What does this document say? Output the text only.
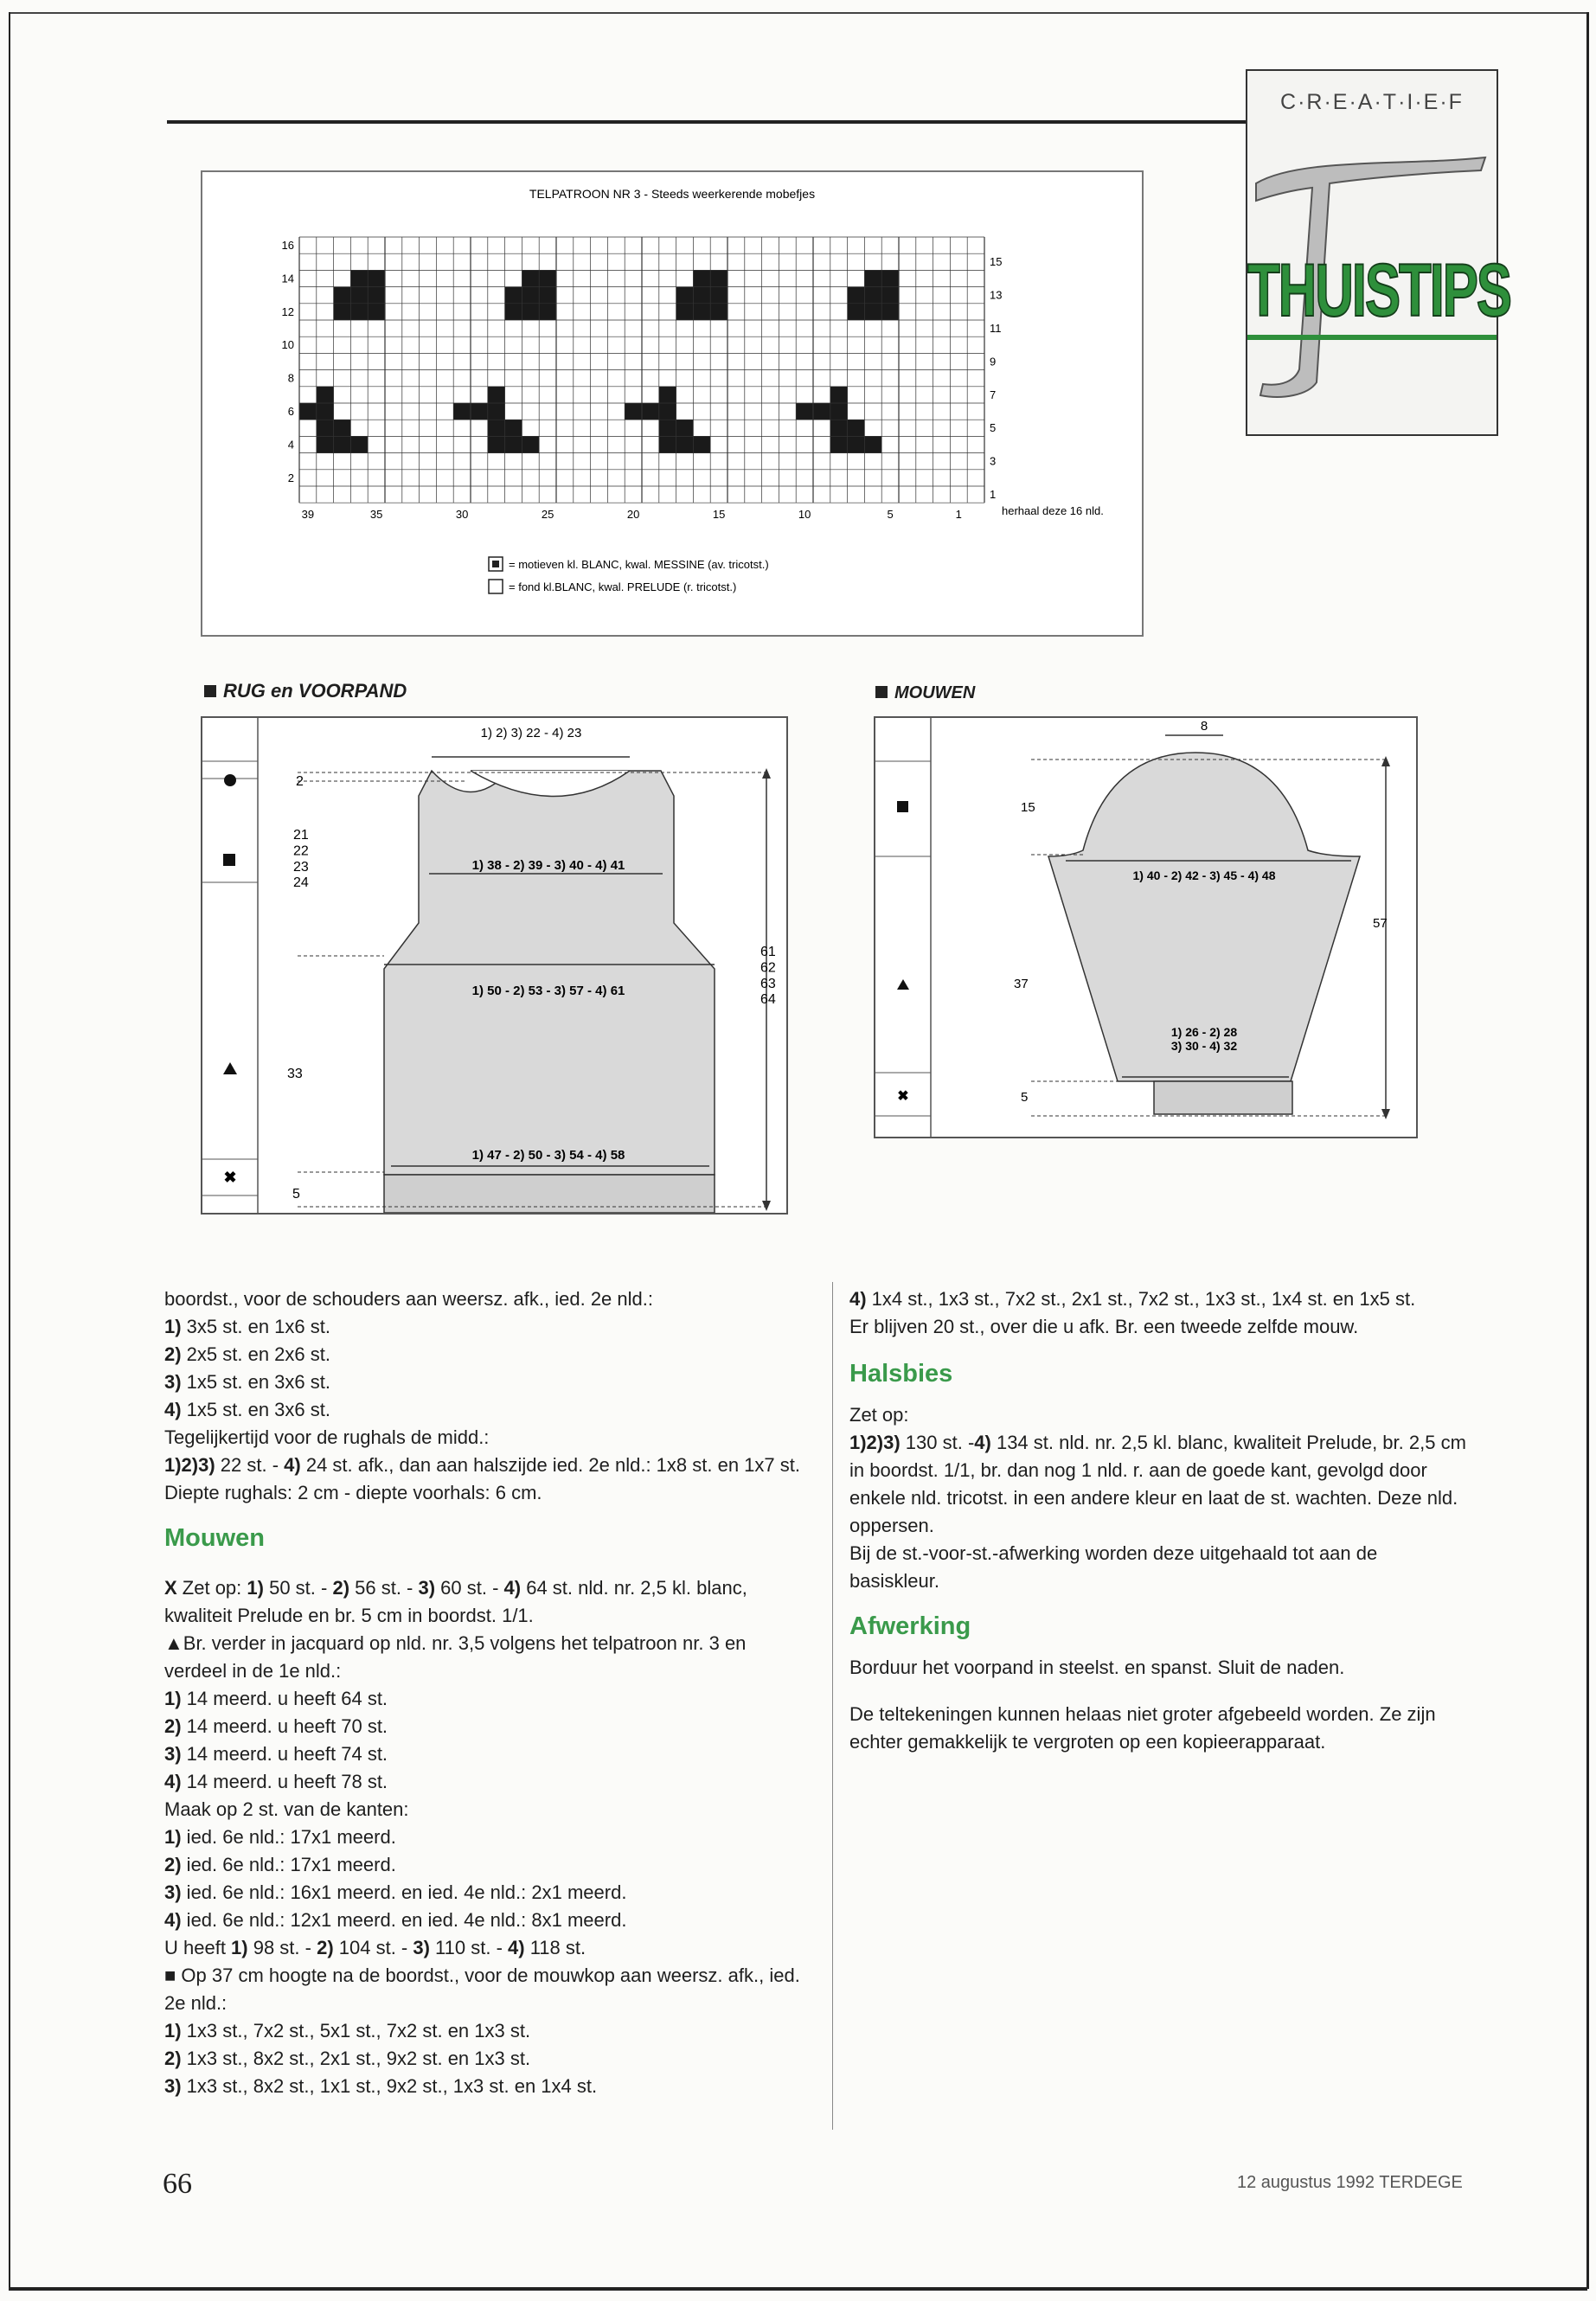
C·R·E·A·T·I·E·F
THUISTIPS
TELPATROON NR 3 - Steeds weerkerende mobefjes
16
14
12
10
8
6
4
2
15
13
11
9
7
5
3
1
39	35	30	25	20	15	10	5	1	herhaal deze 16 nld.
= motieven kl. BLANC, kwal. MESSINE (av. tricotst.)
= fond kl.BLANC, kwal. PRELUDE (r. tricotst.)
RUG en VOORPAND	MOUWEN
✖
1) 2) 3) 22 - 4) 23
2
21 22 23 24
1) 38 - 2) 39 - 3) 40 - 4) 41
1) 50 - 2) 53 - 3) 57 - 4) 61
1) 47 - 2) 50 - 3) 54 - 4) 58
33
5
61 62 63 64
✖
8
15
1) 40 - 2) 42 - 3) 45 - 4) 48
37
1) 26 - 2) 28 3) 30 - 4) 32
5
57

boordst., voor de schouders aan weersz. afk., ied. 2e nld.:

1) 3x5 st. en 1x6 st.

2) 2x5 st. en 2x6 st.

3) 1x5 st. en 3x6 st.

4) 1x5 st. en 3x6 st.

Tegelijkertijd voor de rughals de midd.:

1)2)3) 22 st. - 4) 24 st. afk., dan aan halszijde ied. 2e nld.: 1x8 st. en 1x7 st. Diepte rughals: 2 cm - diepte voorhals: 6 cm.

Mouwen

X Zet op: 1) 50 st. - 2) 56 st. - 3) 60 st. - 4) 64 st. nld. nr. 2,5 kl. blanc, kwaliteit Prelude en br. 5 cm in boordst. 1/1.

▲Br. verder in jacquard op nld. nr. 3,5 volgens het telpatroon nr. 3 en verdeel in de 1e nld.:

1) 14 meerd. u heeft 64 st.

2) 14 meerd. u heeft 70 st.

3) 14 meerd. u heeft 74 st.

4) 14 meerd. u heeft 78 st.

Maak op 2 st. van de kanten:

1) ied. 6e nld.: 17x1 meerd.

2) ied. 6e nld.: 17x1 meerd.

3) ied. 6e nld.: 16x1 meerd. en ied. 4e nld.: 2x1 meerd.

4) ied. 6e nld.: 12x1 meerd. en ied. 4e nld.: 8x1 meerd.

U heeft 1) 98 st. - 2) 104 st. - 3) 110 st. - 4) 118 st.

■ Op 37 cm hoogte na de boordst., voor de mouwkop aan weersz. afk., ied. 2e nld.:

1) 1x3 st., 7x2 st., 5x1 st., 7x2 st. en 1x3 st.

2) 1x3 st., 8x2 st., 2x1 st., 9x2 st. en 1x3 st.

3) 1x3 st., 8x2 st., 1x1 st., 9x2 st., 1x3 st. en 1x4 st.

4) 1x4 st., 1x3 st., 7x2 st., 2x1 st., 7x2 st., 1x3 st., 1x4 st. en 1x5 st.

Er blijven 20 st., over die u afk. Br. een tweede zelfde mouw.

Halsbies

Zet op:

1)2)3) 130 st. -4) 134 st. nld. nr. 2,5 kl. blanc, kwaliteit Prelude, br. 2,5 cm in boordst. 1/1, br. dan nog 1 nld. r. aan de goede kant, gevolgd door enkele nld. tricotst. in een andere kleur en laat de st. wachten. Deze nld. oppersen.

Bij de st.-voor-st.-afwerking worden deze uitgehaald tot aan de basiskleur.

Afwerking

Borduur het voorpand in steelst. en spanst. Sluit de naden.

De teltekeningen kunnen helaas niet groter afgebeeld worden. Ze zijn echter gemakkelijk te vergroten op een kopieerapparaat.

66	12 augustus 1992 TERDEGE
